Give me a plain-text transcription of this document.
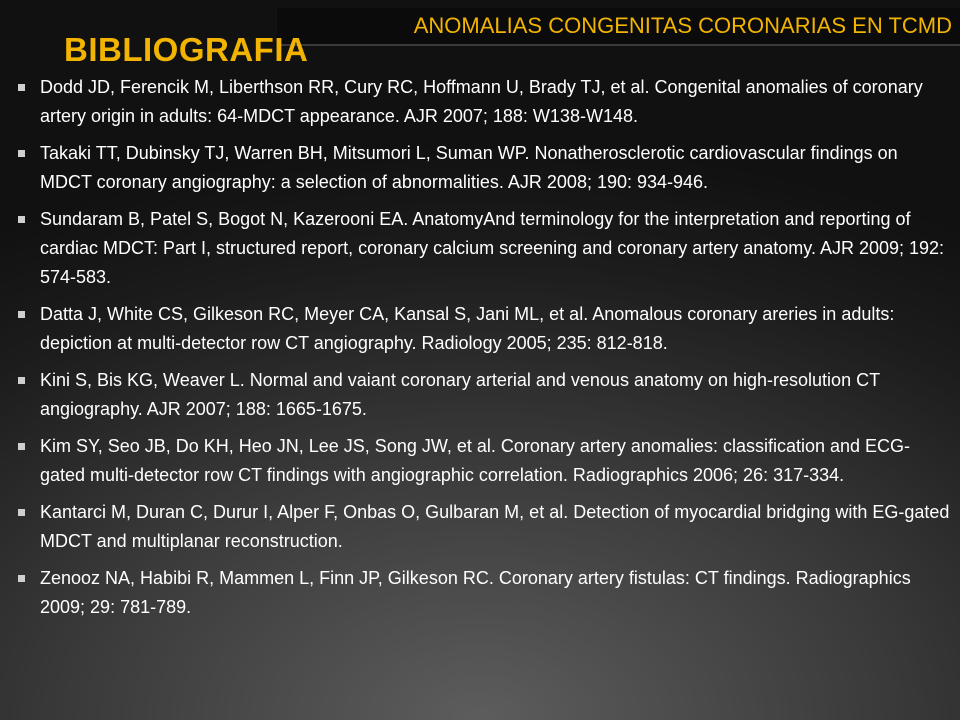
ANOMALIAS CONGENITAS CORONARIAS EN TCMD
BIBLIOGRAFIA
Dodd JD, Ferencik M, Liberthson RR, Cury RC, Hoffmann U, Brady TJ, et al. Congenital anomalies of coronary artery origin in adults: 64-MDCT appearance. AJR 2007; 188: W138-W148.
Takaki TT, Dubinsky TJ, Warren BH, Mitsumori L, Suman WP. Nonatherosclerotic cardiovascular findings on MDCT coronary angiography: a selection of abnormalities. AJR 2008; 190: 934-946.
Sundaram B, Patel S, Bogot N, Kazerooni EA. AnatomyAnd terminology for the interpretation and reporting of cardiac MDCT: Part I, structured report, coronary calcium screening and coronary artery anatomy. AJR 2009; 192: 574-583.
Datta J, White CS, Gilkeson RC, Meyer CA, Kansal S, Jani ML, et al. Anomalous coronary areries in adults: depiction at multi-detector row CT angiography. Radiology 2005; 235: 812-818.
Kini S, Bis KG, Weaver L. Normal and vaiant coronary arterial and venous anatomy on high-resolution CT angiography. AJR 2007; 188: 1665-1675.
Kim SY, Seo JB, Do KH, Heo JN, Lee JS, Song JW, et al. Coronary artery anomalies: classification and ECG-gated multi-detector row CT findings with angiographic correlation. Radiographics 2006; 26: 317-334.
Kantarci M, Duran C, Durur I, Alper F, Onbas O, Gulbaran M, et al. Detection of myocardial bridging with EG-gated MDCT and multiplanar reconstruction.
Zenooz NA, Habibi R, Mammen L, Finn JP, Gilkeson RC. Coronary artery fistulas: CT findings. Radiographics 2009; 29: 781-789.
